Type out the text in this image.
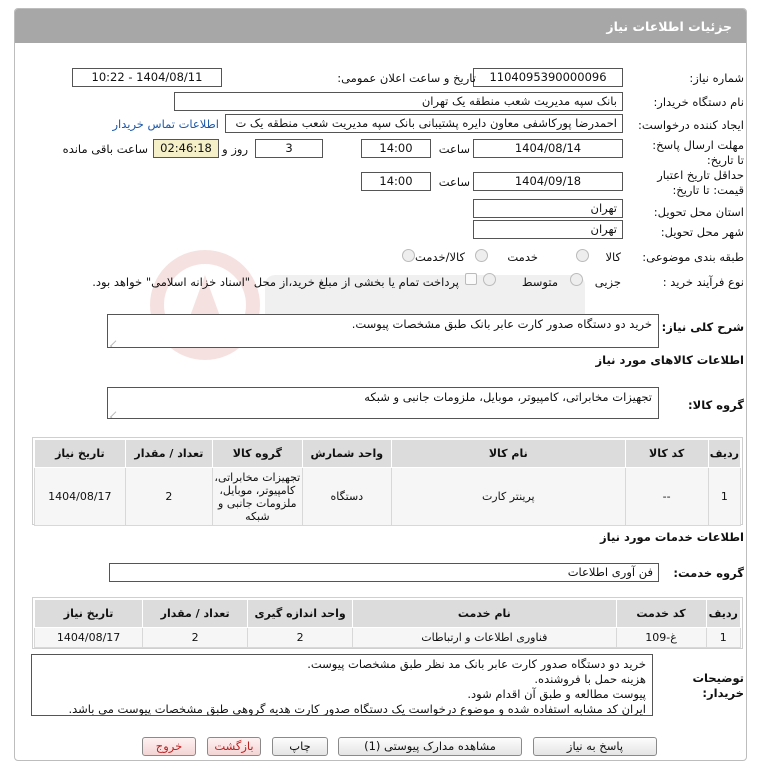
جزئیات اطلاعات نیاز
شماره نیاز:
1104095390000096
تاریخ و ساعت اعلان عمومی:
1404/08/11 - 10:22
نام دستگاه خریدار:
بانک سپه مدیریت شعب منطقه یک تهران
ایجاد کننده درخواست:
احمدرضا پورکاشفی معاون دایره پشتیبانی بانک سپه مدیریت شعب منطقه یک ت
اطلاعات تماس خریدار
مهلت ارسال پاسخ: تا تاریخ:
1404/08/14
ساعت
14:00
3
روز و
02:46:18
ساعت باقی مانده
حداقل تاریخ اعتبار قیمت: تا تاریخ:
1404/09/18
ساعت
14:00
استان محل تحویل:
تهران
شهر محل تحویل:
تهران
طبقه بندی موضوعی:
کالا
خدمت
کالا/خدمت
نوع فرآیند خرید :
جزیی
متوسط
پرداخت تمام یا بخشی از مبلغ خرید،از محل "اسناد خزانه اسلامی" خواهد بود.
شرح کلی نیاز:
خرید دو دستگاه صدور کارت عابر بانک طبق مشخصات پیوست.
اطلاعات کالاهای مورد نیاز
گروه کالا:
تجهیزات مخابراتی، کامپیوتر، موبایل، ملزومات جانبی و شبکه
ردیف	کد کالا	نام کالا	واحد شمارش	گروه کالا	تعداد / مقدار	تاریخ نیاز
1	--	پرینتر کارت	دستگاه	تجهیزات مخابراتی، کامپیوتر، موبایل، ملزومات جانبی و شبکه	2	1404/08/17
اطلاعات خدمات مورد نیاز
گروه خدمت:
فن آوری اطلاعات
ردیف	کد خدمت	نام خدمت	واحد اندازه گیری	تعداد / مقدار	تاریخ نیاز
1	غ-109	فناوری اطلاعات و ارتباطات	2	2	1404/08/17
توضیحات خریدار:
خرید دو دستگاه صدور کارت عابر بانک مد نظر طبق مشخصات پیوست.
هزینه حمل با فروشنده.
پیوست مطالعه و طبق آن اقدام شود.
ایران کد مشابه استفاده شده و موضوع درخواست یک دستگاه صدور کارت هدیه گروهی طبق مشخصات پیوست می باشد.
پاسخ به نیاز
مشاهده مدارک پیوستی (1)
چاپ
بازگشت
خروج
